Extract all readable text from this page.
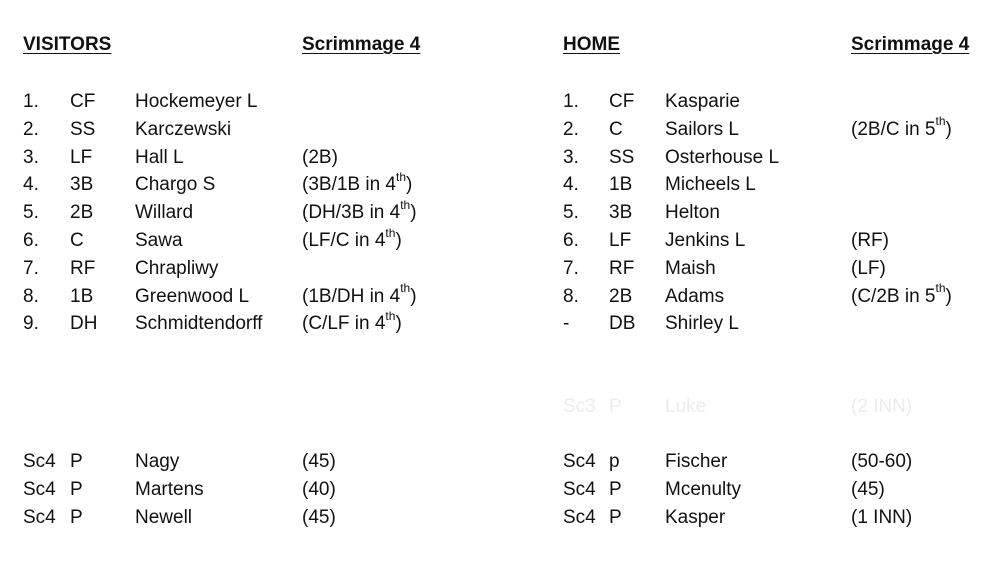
VISITORS	Scrimmage 4
1. CF Hockemeyer L
2. SS Karczewski
3. LF Hall L	(2B)
4. 3B Chargo S	(3B/1B in 4th)
5. 2B Willard	(DH/3B in 4th)
6. C	Sawa	(LF/C in 4th)
7. RF Chrapliwy
8. 1B Greenwood L	(1B/DH in 4th)
9. DH Schmidtendorff (C/LF in 4th)
Sc4 P	Nagy	(45)
Sc4 P	Martens	(40)
Sc4 P	Newell	(45)
HOME	Scrimmage 4
1. CF Kasparie
2. C Sailors L	(2B/C in 5th)
3. SS Osterhouse L
4. 1B Micheels L
5. 3B Helton
6. LF Jenkins L	(RF)
7. RF Maish	(LF)
8. 2B Adams	(C/2B in 5th)
- DB Shirley L
Sc3 P Luke	(2 INN)
Sc4 p Fischer	(50-60)
Sc4 P Mcenulty	(45)
Sc4 P Kasper	(1 INN)
